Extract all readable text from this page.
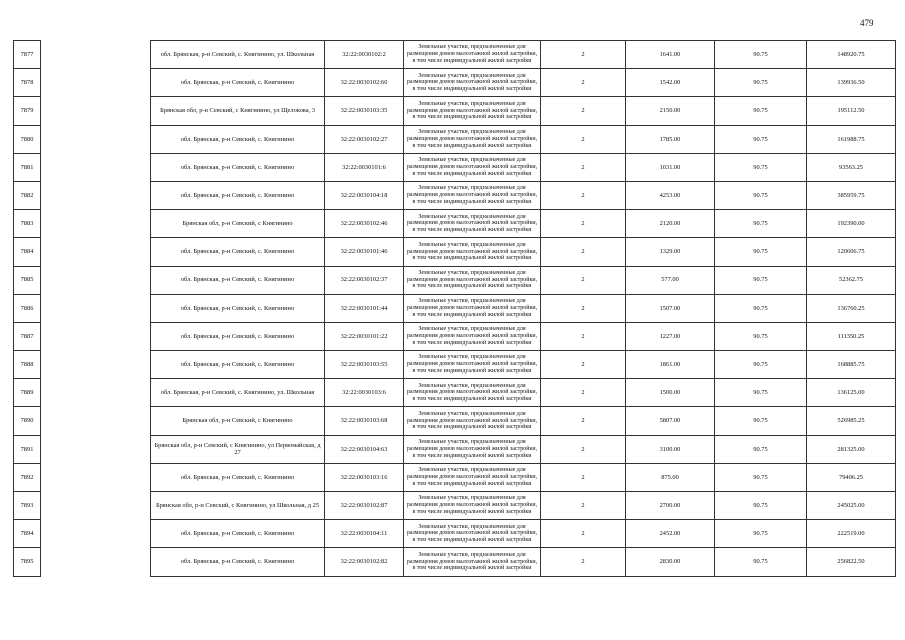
479
7877		обл. Брянская, р-н Севский, с. Княгинино, ул. Школьная	32:22:0030102:2	Земельные участки, предназначенные для размещения домов малоэтажной жилой застройки, в том числе индивидуальной жилой застройки	2	1641.00	90.75	148920.75
7878		обл. Брянская, р-н Севский, с. Княгинино	32:22:0030102:60	Земельные участки, предназначенные для размещения домов малоэтажной жилой застройки, в том числе индивидуальной жилой застройки	2	1542.00	90.75	139936.50
7879		Брянская обл, р-н Севский, с Княгинино, ул Щелокова, 3	32:22:0030103:35	Земельные участки, предназначенные для размещения домов малоэтажной жилой застройки, в том числе индивидуальной жилой застройки	2	2150.00	90.75	195112.50
7880		обл. Брянская, р-н Севский, с. Княгинино	32:22:0030102:27	Земельные участки, предназначенные для размещения домов малоэтажной жилой застройки, в том числе индивидуальной жилой застройки	2	1785.00	90.75	161988.75
7881		обл. Брянская, р-н Севский, с. Княгинино	32:22:0030101:6	Земельные участки, предназначенные для размещения домов малоэтажной жилой застройки, в том числе индивидуальной жилой застройки	2	1031.00	90.75	93563.25
7882		обл. Брянская, р-н Севский, с. Княгинино	32:22:0030104:18	Земельные участки, предназначенные для размещения домов малоэтажной жилой застройки, в том числе индивидуальной жилой застройки	2	4253.00	90.75	385959.75
7883		Брянская обл, р-н Севский, с Княгинино	32:22:0030102:46	Земельные участки, предназначенные для размещения домов малоэтажной жилой застройки, в том числе индивидуальной жилой застройки	2	2120.00	90.75	192390.00
7884		обл. Брянская, р-н Севский, с. Княгинино	32:22:0030101:46	Земельные участки, предназначенные для размещения домов малоэтажной жилой застройки, в том числе индивидуальной жилой застройки	2	1329.00	90.75	120606.75
7885		обл. Брянская, р-н Севский, с. Княгинино	32:22:0030102:37	Земельные участки, предназначенные для размещения домов малоэтажной жилой застройки, в том числе индивидуальной жилой застройки	2	577.00	90.75	52362.75
7886		обл. Брянская, р-н Севский, с. Княгинино	32:22:0030101:44	Земельные участки, предназначенные для размещения домов малоэтажной жилой застройки, в том числе индивидуальной жилой застройки	2	1507.00	90.75	136760.25
7887		обл. Брянская, р-н Севский, с. Княгинино	32:22:0030101:22	Земельные участки, предназначенные для размещения домов малоэтажной жилой застройки, в том числе индивидуальной жилой застройки	2	1227.00	90.75	111350.25
7888		обл. Брянская, р-н Севский, с. Княгинино	32:22:0030103:55	Земельные участки, предназначенные для размещения домов малоэтажной жилой застройки, в том числе индивидуальной жилой застройки	2	1861.00	90.75	168885.75
7889		обл. Брянская, р-н Севский, с. Княгинино, ул. Школьная	32:22:0030103:6	Земельные участки, предназначенные для размещения домов малоэтажной жилой застройки, в том числе индивидуальной жилой застройки	2	1500.00	90.75	136125.00
7890		Брянская обл, р-н Севский, с Княгинино	32:22:0030103:68	Земельные участки, предназначенные для размещения домов малоэтажной жилой застройки, в том числе индивидуальной жилой застройки	2	5807.00	90.75	526985.25
7891		Брянская обл, р-н Севский, с Княгинино, ул Первомайская, д 27	32:22:0030104:63	Земельные участки, предназначенные для размещения домов малоэтажной жилой застройки, в том числе индивидуальной жилой застройки	2	3100.00	90.75	281325.00
7892		обл. Брянская, р-н Севский, с. Княгинино	32:22:0030103:16	Земельные участки, предназначенные для размещения домов малоэтажной жилой застройки, в том числе индивидуальной жилой застройки	2	875.00	90.75	79406.25
7893		Брянская обл, р-н Севский, с Княгинино, ул Школьная, д 25	32:22:0030102:87	Земельные участки, предназначенные для размещения домов малоэтажной жилой застройки, в том числе индивидуальной жилой застройки	2	2700.00	90.75	245025.00
7894		обл. Брянская, р-н Севский, с. Княгинино	32:22:0030104:11	Земельные участки, предназначенные для размещения домов малоэтажной жилой застройки, в том числе индивидуальной жилой застройки	2	2452.00	90.75	222519.00
7895		обл. Брянская, р-н Севский, с. Княгинино	32:22:0030102:82	Земельные участки, предназначенные для размещения домов малоэтажной жилой застройки, в том числе индивидуальной жилой застройки	2	2830.00	90.75	256822.50
